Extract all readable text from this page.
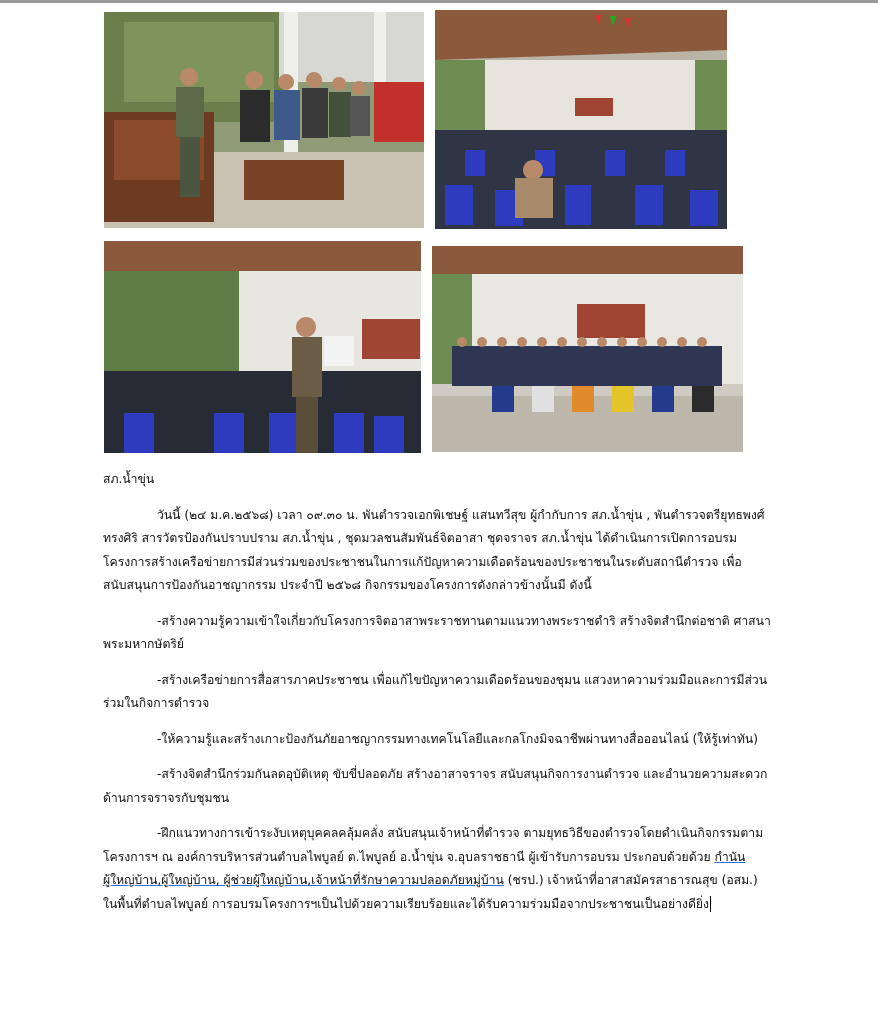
สภ.น้ำขุ่น

วันนี้ (๒๔ ม.ค.๒๕๖๘) เวลา ๐๙.๓๐ น. พันตำรวจเอกพิเชษฐ์ แสนทวีสุข ผู้กำกับการ สภ.น้ำขุ่น , พันตำรวจตรียุทธพงศ์ ทรงศิริ สารวัตรป้องกันปราบปราม สภ.น้ำขุ่น , ชุดมวลชนสัมพันธ์จิตอาสา ชุดจราจร สภ.น้ำขุ่น ได้ดำเนินการเปิดการอบรมโครงการสร้างเครือข่ายการมีส่วนร่วมของประชาชนในการแก้ปัญหาความเดือดร้อนของประชาชนในระดับสถานีตำรวจ เพื่อสนับสนุนการป้องกันอาชญากรรม ประจำปี ๒๕๖๘ กิจกรรมของโครงการดังกล่าวข้างนั้นมี ดังนี้

-สร้างความรู้ความเข้าใจเกี่ยวกับโครงการจิตอาสาพระราชทานตามแนวทางพระราชดำริ สร้างจิตสำนึกต่อชาติ ศาสนา พระมหากษัตริย์

-สร้างเครือข่ายการสื่อสารภาคประชาชน เพื่อแก้ไขปัญหาความเดือดร้อนของชุมน แสวงหาความร่วมมือและการมีส่วนร่วมในกิจการตำรวจ

-ให้ความรู้และสร้างเกาะป้องกันภัยอาชญากรรมทางเทคโนโลยีและกลโกงมิจฉาชีพผ่านทางสื่อออนไลน์ (ให้รู้เท่าทัน)

-สร้างจิตสำนึกร่วมกันลดอุบัติเหตุ ขับขี่ปลอดภัย สร้างอาสาจราจร สนับสนุนกิจการงานตำรวจ และอำนวยความสะดวกด้านการจราจรกับชุมชน

-ฝึกแนวทางการเข้าระงับเหตุบุคคลคลุ้มคลั่ง สนับสนุนเจ้าหน้าที่ตำรวจ ตามยุทธวิธีของตำรวจโดยดำเนินกิจกรรมตามโครงการฯ ณ องค์การบริหารส่วนตำบลไพบูลย์ ต.ไพบูลย์ อ.น้ำขุ่น จ.อุบลราชธานี ผู้เข้ารับการอบรม ประกอบด้วยด้วย กำนันผู้ใหญ่บ้าน,ผู้ใหญ่บ้าน, ผู้ช่วยผู้ใหญ่บ้าน,เจ้าหน้าที่รักษาความปลอดภัยหมู่บ้าน (ชรป.) เจ้าหน้าที่อาสาสมัครสาธารณสุข (อสม.) ในพื้นที่ตำบลไพบูลย์ การอบรมโครงการฯเป็นไปด้วยความเรียบร้อยและได้รับความร่วมมือจากประชาชนเป็นอย่างดียิ่ง
